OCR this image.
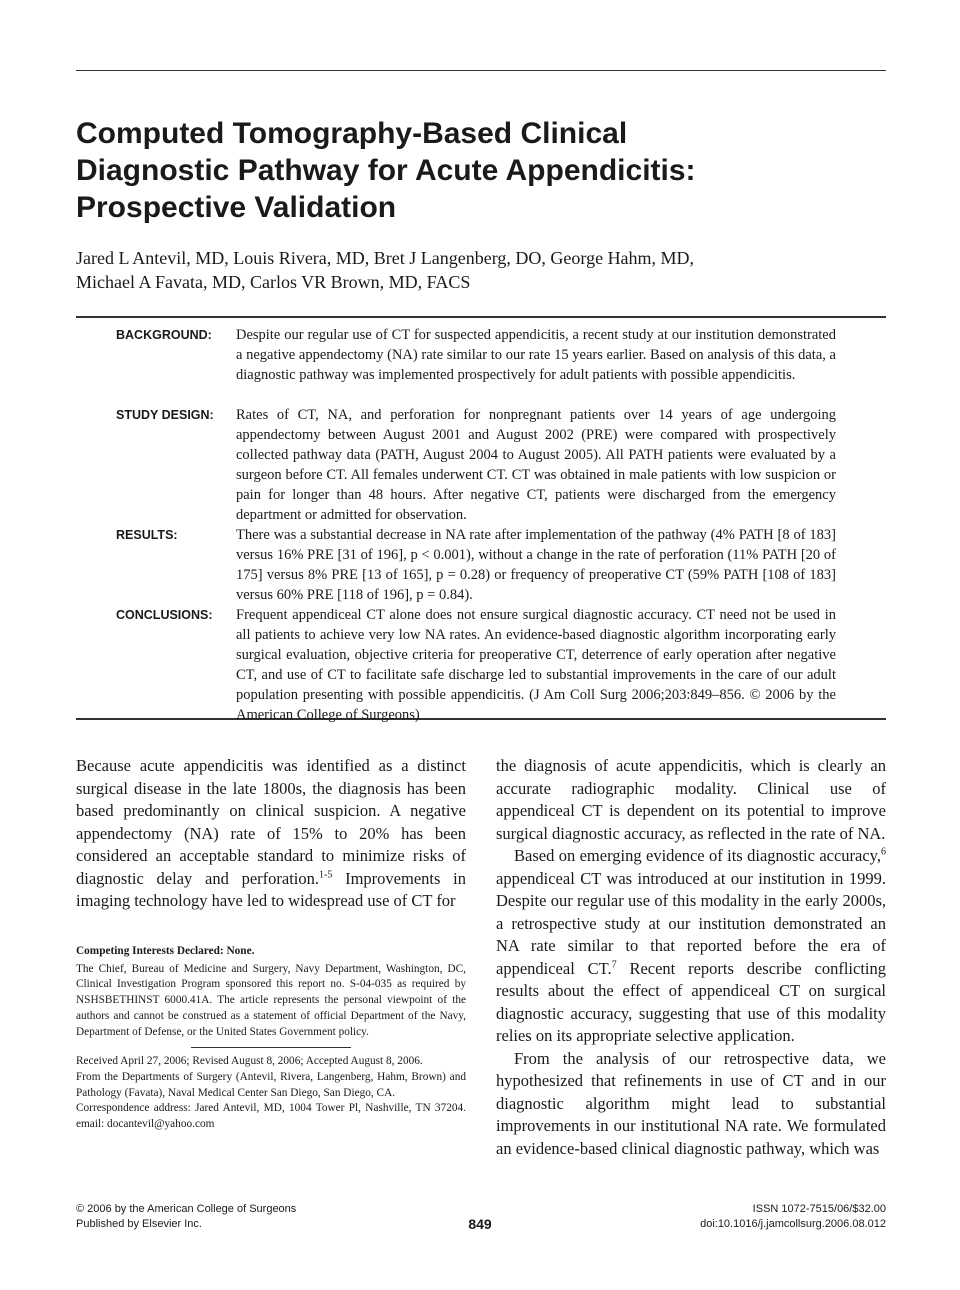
Computed Tomography-Based Clinical
Diagnostic Pathway for Acute Appendicitis:
Prospective Validation
Jared L Antevil, MD, Louis Rivera, MD, Bret J Langenberg, DO, George Hahm, MD,
Michael A Favata, MD, Carlos VR Brown, MD, FACS
BACKGROUND: Despite our regular use of CT for suspected appendicitis, a recent study at our institution demonstrated a negative appendectomy (NA) rate similar to our rate 15 years earlier. Based on analysis of this data, a diagnostic pathway was implemented prospectively for adult patients with possible appendicitis.
STUDY DESIGN: Rates of CT, NA, and perforation for nonpregnant patients over 14 years of age undergoing appendectomy between August 2001 and August 2002 (PRE) were compared with prospectively collected pathway data (PATH, August 2004 to August 2005). All PATH patients were evaluated by a surgeon before CT. All females underwent CT. CT was obtained in male patients with low suspicion or pain for longer than 48 hours. After negative CT, patients were discharged from the emergency department or admitted for observation.
RESULTS:	There was a substantial decrease in NA rate after implementation of the pathway (4% PATH [8 of 183] versus 16% PRE [31 of 196], p < 0.001), without a change in the rate of perforation (11% PATH [20 of 175] versus 8% PRE [13 of 165], p = 0.28) or frequency of preoperative CT (59% PATH [108 of 183] versus 60% PRE [118 of 196], p = 0.84).
CONCLUSIONS: Frequent appendiceal CT alone does not ensure surgical diagnostic accuracy. CT need not be used in all patients to achieve very low NA rates. An evidence-based diagnostic algorithm incorporating early surgical evaluation, objective criteria for preoperative CT, deterrence of early operation after negative CT, and use of CT to facilitate safe discharge led to substantial improvements in the care of our adult population presenting with possible appendicitis. (J Am Coll Surg 2006;203:849–856. © 2006 by the American College of Surgeons)

Because acute appendicitis was identified as a distinct surgical disease in the late 1800s, the diagnosis has been based predominantly on clinical suspicion. A negative appendectomy (NA) rate of 15% to 20% has been considered an acceptable standard to minimize risks of diagnostic delay and perforation.$^{1-5}$ Improvements in imaging technology have led to widespread use of CT for

Competing Interests Declared: None.

The Chief, Bureau of Medicine and Surgery, Navy Department, Washington, DC, Clinical Investigation Program sponsored this report no. S-04-035 as required by NSHSBETHINST 6000.41A. The article represents the personal viewpoint of the authors and cannot be construed as a statement of official Department of the Navy, Department of Defense, or the United States Government policy.

Received April 27, 2006; Revised August 8, 2006; Accepted August 8, 2006.

From the Departments of Surgery (Antevil, Rivera, Langenberg, Hahm, Brown) and Pathology (Favata), Naval Medical Center San Diego, San Diego, CA.

Correspondence address: Jared Antevil, MD, 1004 Tower Pl, Nashville, TN 37204. email: docantevil@yahoo.com

the diagnosis of acute appendicitis, which is clearly an accurate radiographic modality. Clinical use of appendiceal CT is dependent on its potential to improve surgical diagnostic accuracy, as reflected in the rate of NA.

Based on emerging evidence of its diagnostic accuracy,$^6$ appendiceal CT was introduced at our institution in 1999. Despite our regular use of this modality in the early 2000s, a retrospective study at our institution demonstrated an NA rate similar to that reported before the era of appendiceal CT.$^7$ Recent reports describe conflicting results about the effect of appendiceal CT on surgical diagnostic accuracy, suggesting that use of this modality relies on its appropriate selective application.

From the analysis of our retrospective data, we hypothesized that refinements in use of CT and in our diagnostic algorithm might lead to substantial improvements in our institutional NA rate. We formulated an evidence-based clinical diagnostic pathway, which was

© 2006 by the American College of Surgeons
Published by Elsevier Inc.	849
ISSN 1072-7515/06/$32.00
doi:10.1016/j.jamcollsurg.2006.08.012
